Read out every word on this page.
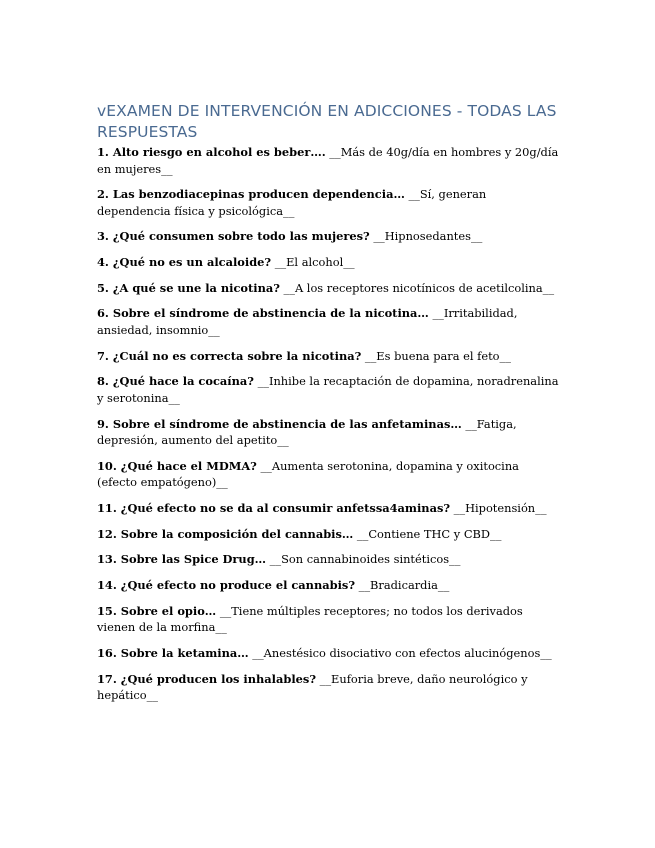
vEXAMEN DE INTERVENCIÓN EN ADICCIONES - TODAS LAS RESPUESTAS

1. Alto riesgo en alcohol es beber…. __Más de 40g/día en hombres y 20g/día en mujeres__

2. Las benzodiacepinas producen dependencia… __Sí, generan dependencia física y psicológica__

3. ¿Qué consumen sobre todo las mujeres? __Hipnosedantes__

4. ¿Qué no es un alcaloide? __El alcohol__

5. ¿A qué se une la nicotina? __A los receptores nicotínicos de acetilcolina__

6. Sobre el síndrome de abstinencia de la nicotina… __Irritabilidad, ansiedad, insomnio__

7. ¿Cuál no es correcta sobre la nicotina? __Es buena para el feto__

8. ¿Qué hace la cocaína? __Inhibe la recaptación de dopamina, noradrenalina y serotonina__

9. Sobre el síndrome de abstinencia de las anfetaminas… __Fatiga, depresión, aumento del apetito__

10. ¿Qué hace el MDMA? __Aumenta serotonina, dopamina y oxitocina (efecto empatógeno)__

11. ¿Qué efecto no se da al consumir anfetssa4aminas? __Hipotensión__

12. Sobre la composición del cannabis… __Contiene THC y CBD__

13. Sobre las Spice Drug… __Son cannabinoides sintéticos__

14. ¿Qué efecto no produce el cannabis? __Bradicardia__

15. Sobre el opio… __Tiene múltiples receptores; no todos los derivados vienen de la morfina__

16. Sobre la ketamina… __Anestésico disociativo con efectos alucinógenos__

17. ¿Qué producen los inhalables? __Euforia breve, daño neurológico y hepático__
